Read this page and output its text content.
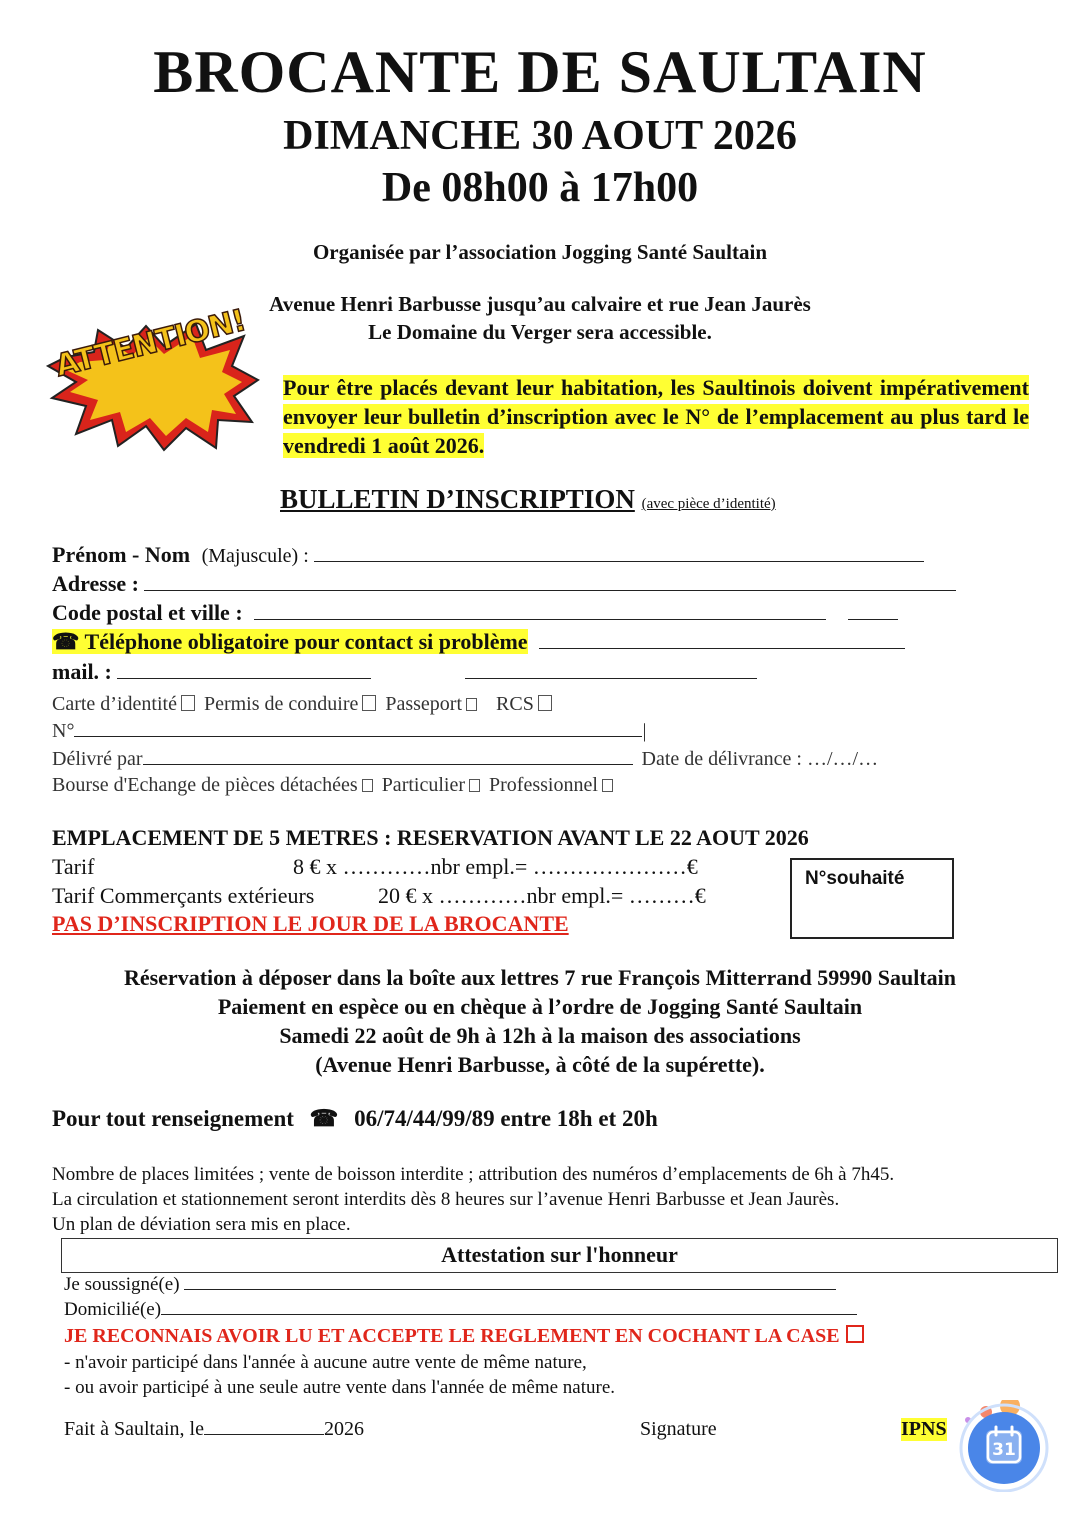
BROCANTE DE SAULTAIN
DIMANCHE 30 AOUT 2026
De 08h00 à 17h00
Organisée par l’association Jogging Santé Saultain
Avenue Henri Barbusse jusqu’au calvaire et rue Jean Jaurès
Le Domaine du Verger sera accessible.
ATTENTION!
Pour être placés devant leur habitation, les Saultinois doivent impérativement envoyer leur bulletin d’inscription avec le N° de l’emplacement au plus tard le vendredi 1 août 2026.
BULLETIN D’INSCRIPTION (avec pièce d’identité)
Prénom - Nom (Majuscule) :
Adresse :
Code postal et ville :
☎ Téléphone obligatoire pour contact si problème
mail. :
Carte d’identité Permis de conduire Passeport RCS
N°	|
Délivré par	Date de délivrance : …/…/…
Bourse d'Echange de pièces détachées Particulier Professionnel
EMPLACEMENT DE 5 METRES : RESERVATION AVANT LE 22 AOUT 2026
Tarif	8 € x …………nbr empl.= …………………€
Tarif Commerçants extérieurs	20 € x …………nbr empl.= ………€
PAS D’INSCRIPTION LE JOUR DE LA BROCANTE
N°souhaité
Réservation à déposer dans la boîte aux lettres 7 rue François Mitterrand 59990 Saultain
Paiement en espèce ou en chèque à l’ordre de Jogging Santé Saultain
Samedi 22 août de 9h à 12h à la maison des associations
(Avenue Henri Barbusse, à côté de la supérette).
Pour tout renseignement ☎ 06/74/44/99/89 entre 18h et 20h
Nombre de places limitées ; vente de boisson interdite ; attribution des numéros d’emplacements de 6h à 7h45.
La circulation et stationnement seront interdits dès 8 heures sur l’avenue Henri Barbusse et Jean Jaurès.
Un plan de déviation sera mis en place.
Attestation sur l'honneur
Je soussigné(e)
Domicilié(e)
JE RECONNAIS AVOIR LU ET ACCEPTE LE REGLEMENT EN COCHANT LA CASE
- n'avoir participé dans l'année à aucune autre vente de même nature,
- ou avoir participé à une seule autre vente dans l'année de même nature.
Fait à Saultain, le	2026	Signature	IPNS
31
